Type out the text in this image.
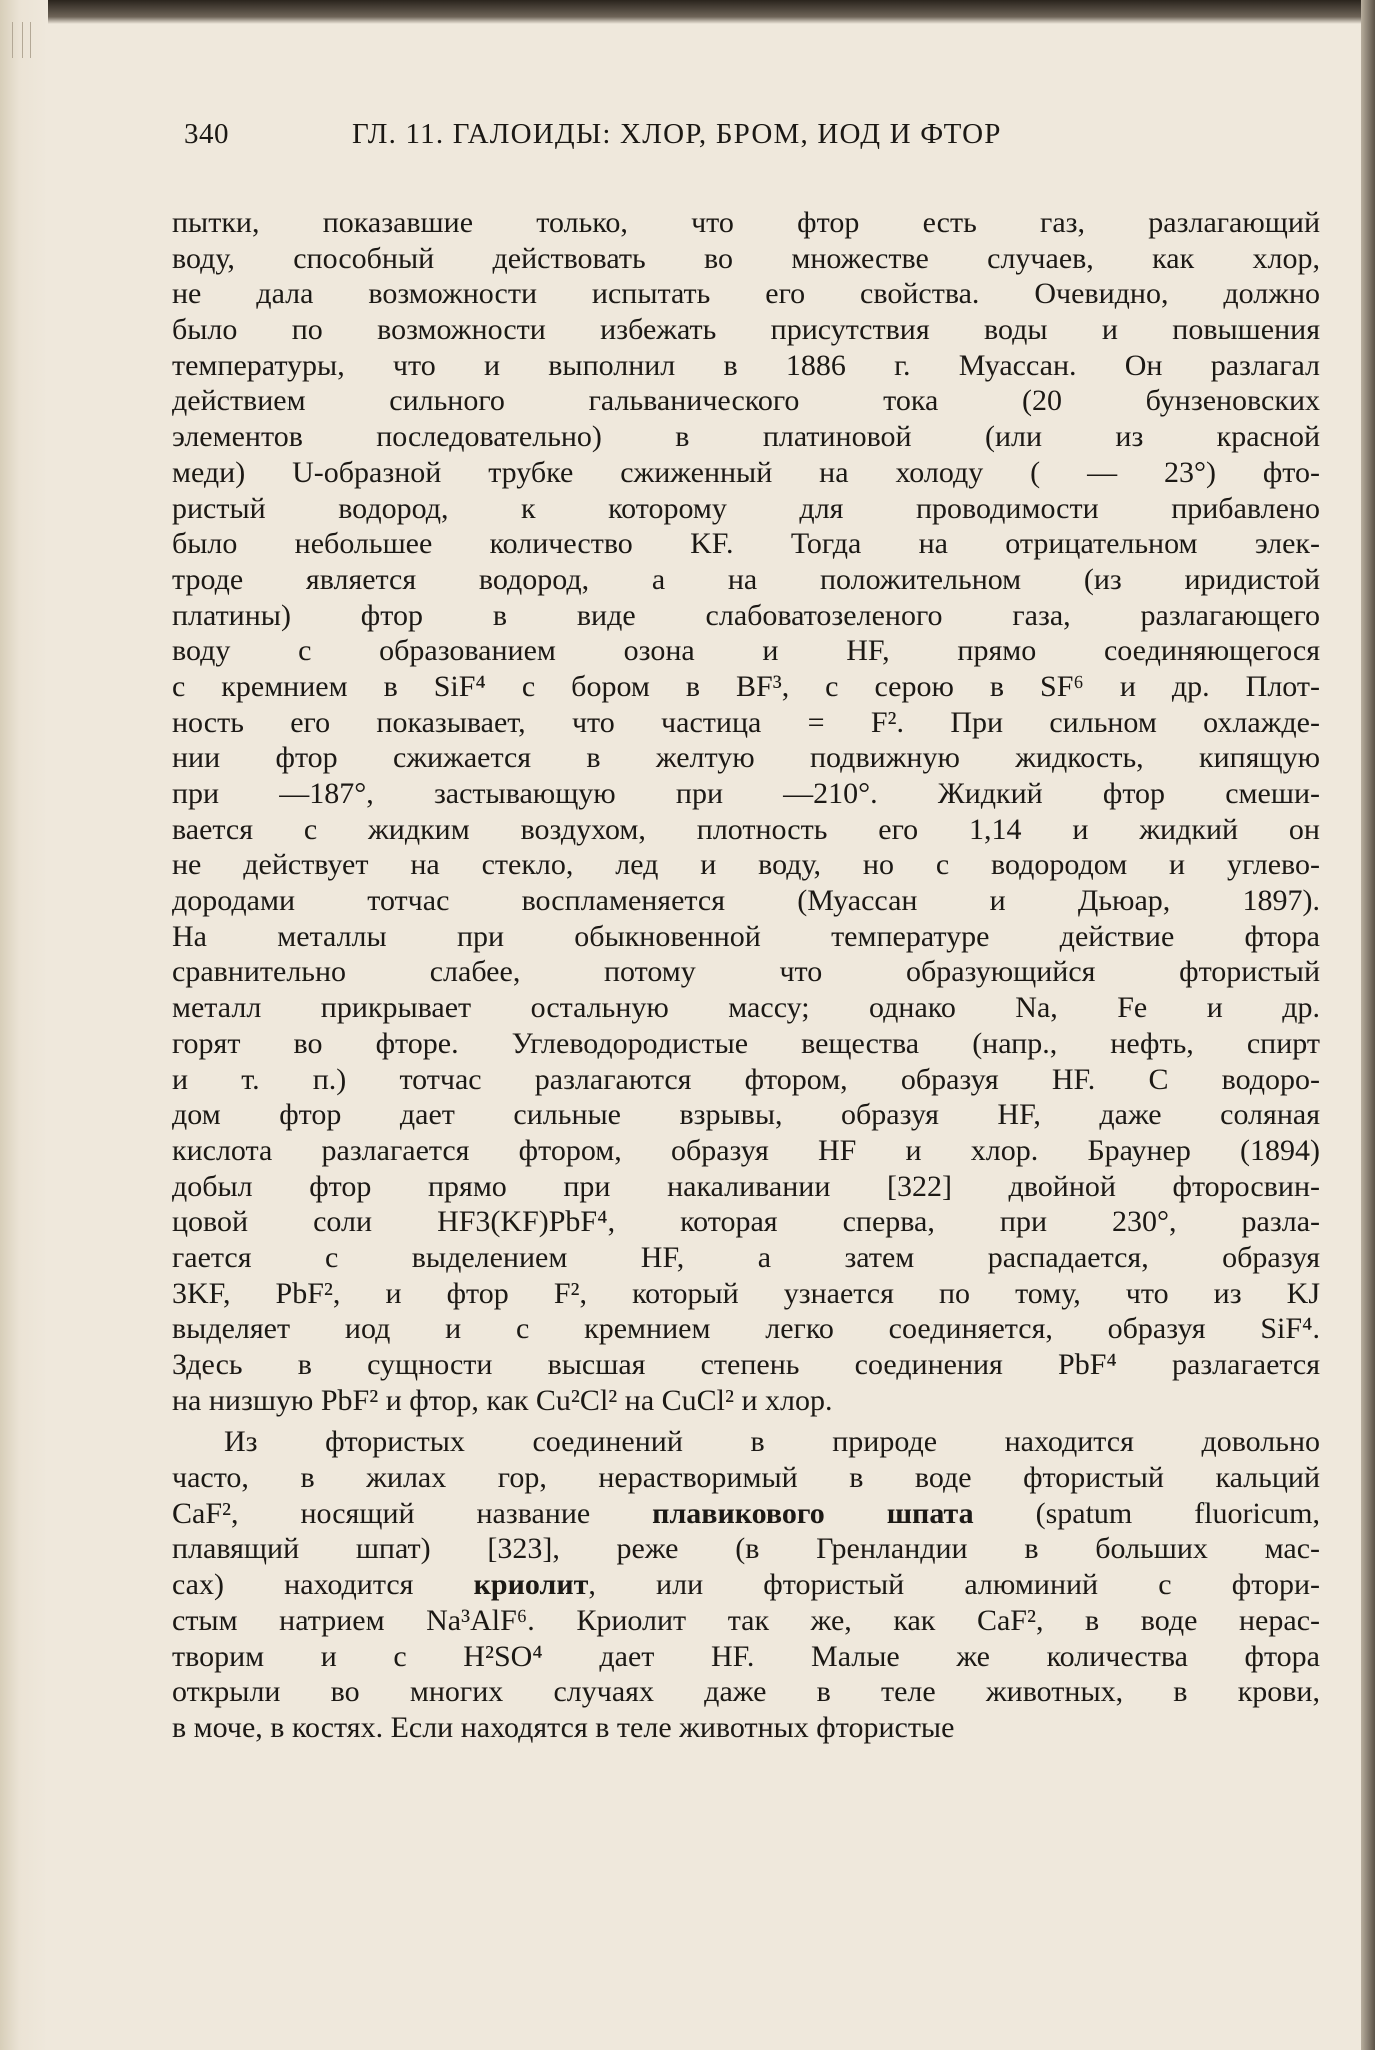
340	ГЛ. 11. ГАЛОИДЫ: ХЛОР, БРОМ, ИОД И ФТОР
пытки, показавшие только, что фтор есть газ, разлагающий
воду, способный действовать во множестве случаев, как хлор,
не дала возможности испытать его свойства. Очевидно, должно
было по возможности избежать присутствия воды и повышения
температуры, что и выполнил в 1886 г. Муассан. Он разлагал
действием сильного гальванического тока (20 бунзеновских
элементов последовательно) в платиновой (или из красной
меди) U-образной трубке сжиженный на холоду ( — 23°) фто-
ристый водород, к которому для проводимости прибавлено
было небольшее количество KF. Тогда на отрицательном элек-
троде является водород, а на положительном (из иридистой
платины) фтор в виде слабоватозеленого газа, разлагающего
воду с образованием озона и HF, прямо соединяющегося
с кремнием в SiF⁴ с бором в BF³, с серою в SF⁶ и др. Плот-
ность его показывает, что частица = F². При сильном охлажде-
нии фтор сжижается в желтую подвижную жидкость, кипящую
при —187°, застывающую при —210°. Жидкий фтор смеши-
вается с жидким воздухом, плотность его 1,14 и жидкий он
не действует на стекло, лед и воду, но с водородом и углево-
дородами тотчас воспламеняется (Муассан и Дьюар, 1897).
На металлы при обыкновенной температуре действие фтора
сравнительно слабее, потому что образующийся фтористый
металл прикрывает остальную массу; однако Na, Fe и др.
горят во фторе. Углеводородистые вещества (напр., нефть, спирт
и т. п.) тотчас разлагаются фтором, образуя HF. С водоро-
дом фтор дает сильные взрывы, образуя HF, даже соляная
кислота разлагается фтором, образуя HF и хлор. Браунер (1894)
добыл фтор прямо при накаливании [322] двойной фторосвин-
цовой соли HF3(KF)PbF⁴, которая сперва, при 230°, разла-
гается с выделением HF, а затем распадается, образуя
3KF, PbF², и фтор F², который узнается по тому, что из KJ
выделяет иод и с кремнием легко соединяется, образуя SiF⁴.
Здесь в сущности высшая степень соединения PbF⁴ разлагается
на низшую PbF² и фтор, как Cu²Cl² на CuCl² и хлор.
Из фтористых соединений в природе находится довольно
часто, в жилах гор, нерастворимый в воде фтористый кальций
CaF², носящий название плавикового шпата (spatum fluoricum,
плавящий шпат) [323], реже (в Гренландии в больших мас-
сах) находится криолит, или фтористый алюминий с фтори-
стым натрием Na³AlF⁶. Криолит так же, как CaF², в воде нерас-
творим и с H²SO⁴ дает HF. Малые же количества фтора
открыли во многих случаях даже в теле животных, в крови,
в моче, в костях. Если находятся в теле животных фтористые
